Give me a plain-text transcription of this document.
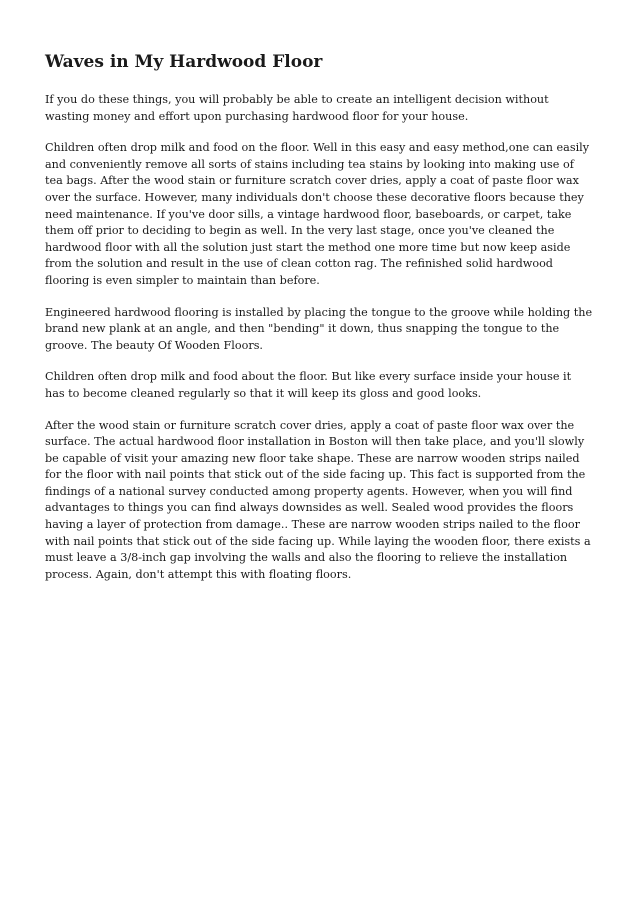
Waves in My Hardwood Floor

If you do these things, you will probably be able to create an intelligent decision without wasting money and effort upon purchasing hardwood floor for your house.

Children often drop milk and food on the floor. Well in this easy and easy method,one can easily and conveniently remove all sorts of stains including tea stains by looking into making use of tea bags. After the wood stain or furniture scratch cover dries, apply a coat of paste floor wax over the surface. However, many individuals don't choose these decorative floors because they need maintenance. If you've door sills, a vintage hardwood floor, baseboards, or carpet, take them off prior to deciding to begin as well. In the very last stage, once you've cleaned the hardwood floor with all the solution just start the method one more time but now keep aside from the solution and result in the use of clean cotton rag. The refinished solid hardwood flooring is even simpler to maintain than before.

Engineered hardwood flooring is installed by placing the tongue to the groove while holding the brand new plank at an angle, and then "bending" it down, thus snapping the tongue to the groove. The beauty Of Wooden Floors.

Children often drop milk and food about the floor. But like every surface inside your house it has to become cleaned regularly so that it will keep its gloss and good looks.

After the wood stain or furniture scratch cover dries, apply a coat of paste floor wax over the surface. The actual hardwood floor installation in Boston will then take place, and you'll slowly be capable of visit your amazing new floor take shape. These are narrow wooden strips nailed for the floor with nail points that stick out of the side facing up. This fact is supported from the findings of a national survey conducted among property agents. However, when you will find advantages to things you can find always downsides as well. Sealed wood provides the floors having a layer of protection from damage.. These are narrow wooden strips nailed to the floor with nail points that stick out of the side facing up. While laying the wooden floor, there exists a must leave a 3/8-inch gap involving the walls and also the flooring to relieve the installation process. Again, don't attempt this with floating floors.
